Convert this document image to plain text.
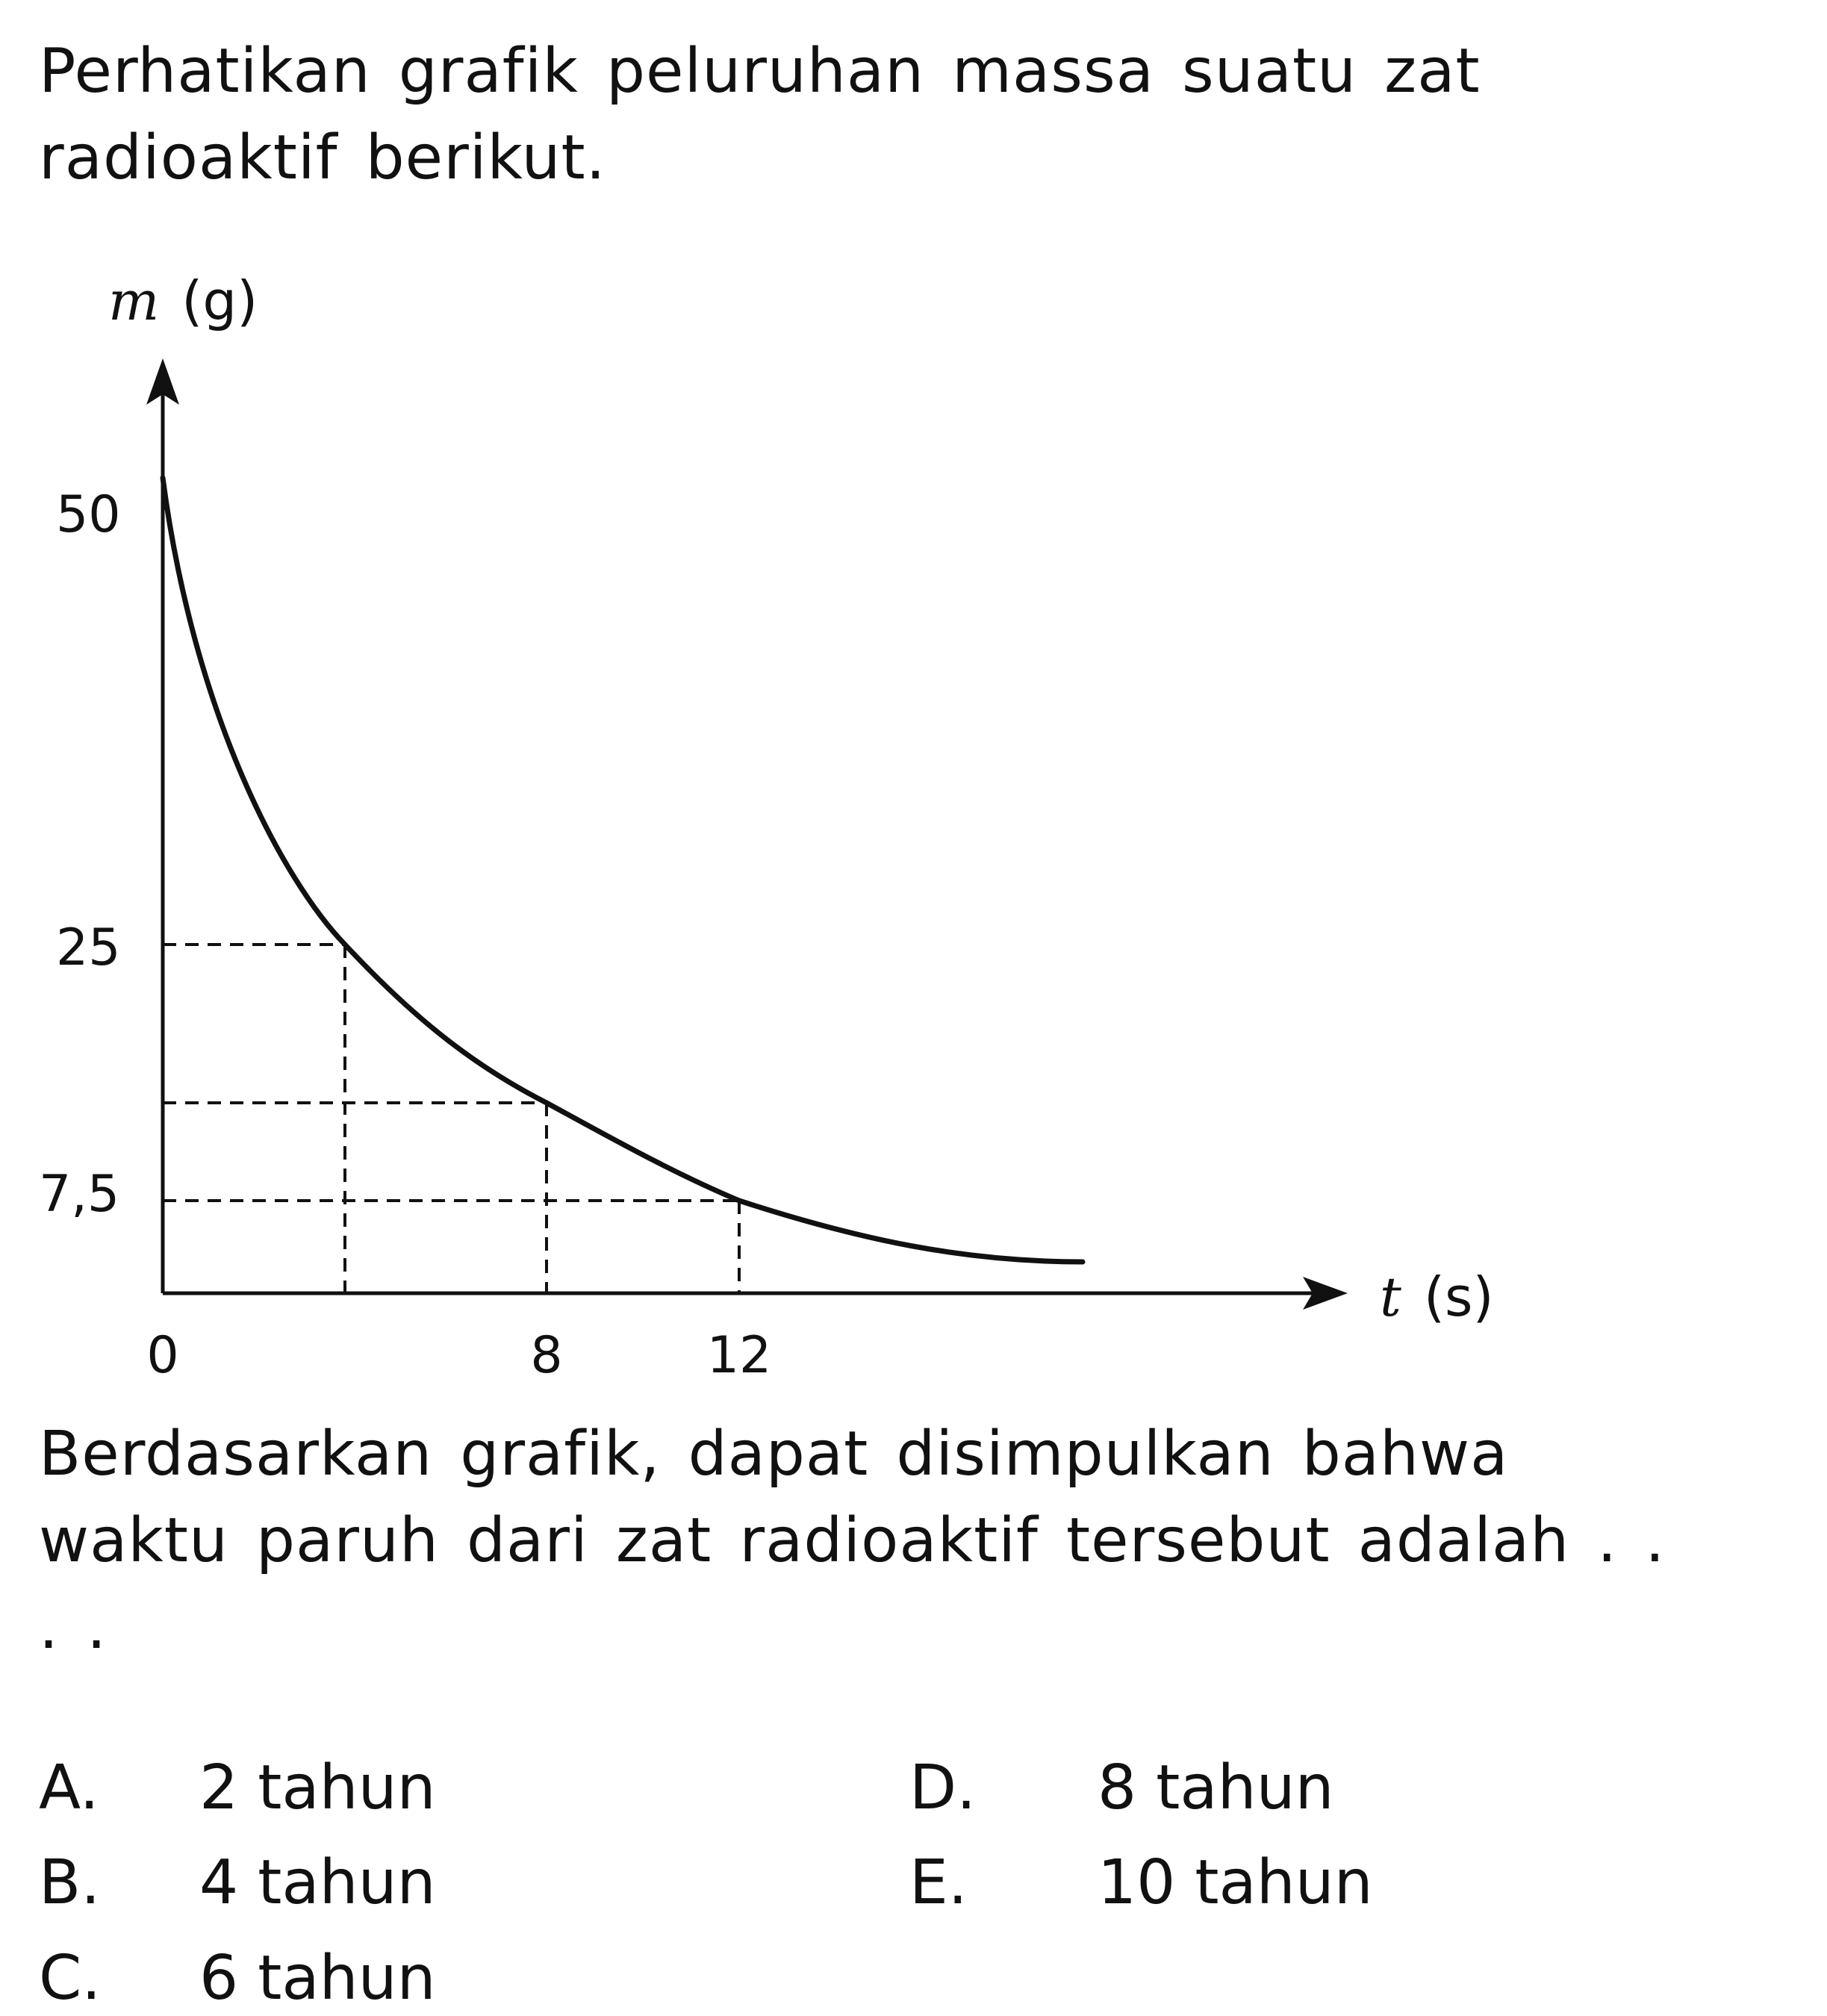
Perhatikan grafik peluruhan massa suatu zat radioaktif berikut.

m (g)
t (s)
50
25
7,5
0	8	12

Berdasarkan grafik, dapat disimpulkan bahwa waktu paruh dari zat radioaktif tersebut adalah . . . .

A. 2 tahun
B. 4 tahun
C. 6 tahun
D. 8 tahun
E. 10 tahun
